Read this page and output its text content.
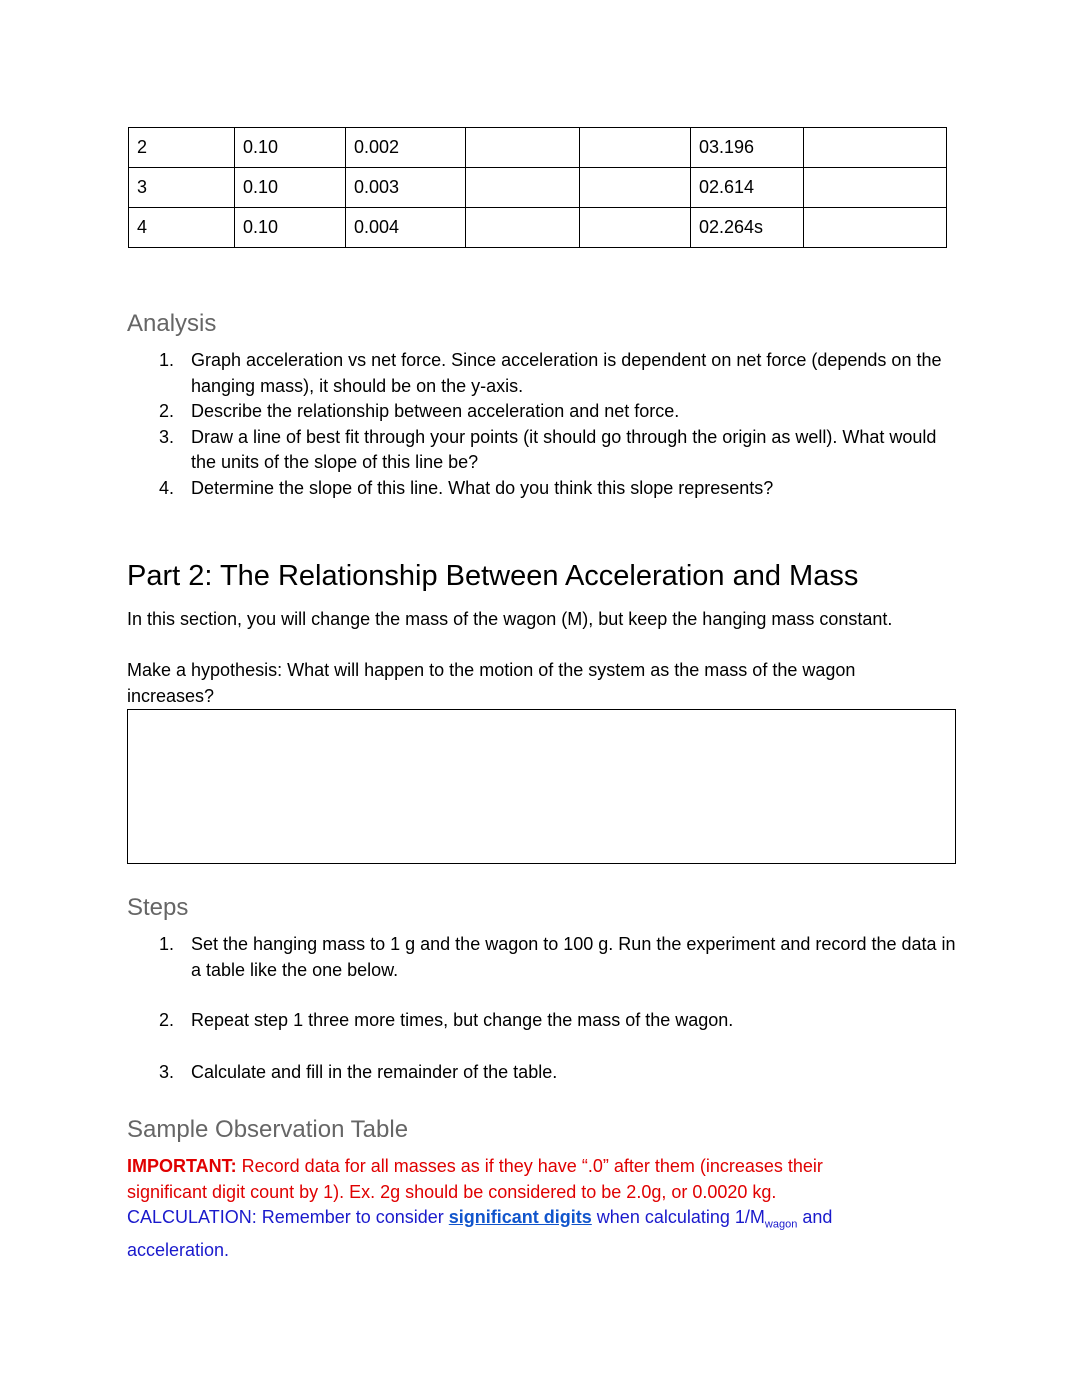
2	0.10	0.002			03.196	
3	0.10	0.003			02.614	
4	0.10	0.004			02.264s	
Analysis
1. Graph acceleration vs net force. Since acceleration is dependent on net force (depends on the hanging mass), it should be on the y-axis.
2. Describe the relationship between acceleration and net force.
3. Draw a line of best fit through your points (it should go through the origin as well). What would the units of the slope of this line be?
4. Determine the slope of this line. What do you think this slope represents?
Part 2: The Relationship Between Acceleration and Mass
In this section, you will change the mass of the wagon (M), but keep the hanging mass constant.
Make a hypothesis: What will happen to the motion of the system as the mass of the wagon increases?
Steps
1. Set the hanging mass to 1 g and the wagon to 100 g. Run the experiment and record the data in a table like the one below.
2. Repeat step 1 three more times, but change the mass of the wagon.
3. Calculate and fill in the remainder of the table.
Sample Observation Table
IMPORTANT: Record data for all masses as if they have “.0” after them (increases their significant digit count by 1). Ex. 2g should be considered to be 2.0g, or 0.0020 kg.
CALCULATION: Remember to consider significant digits when calculating $1/M_{wagon}$ and acceleration.
